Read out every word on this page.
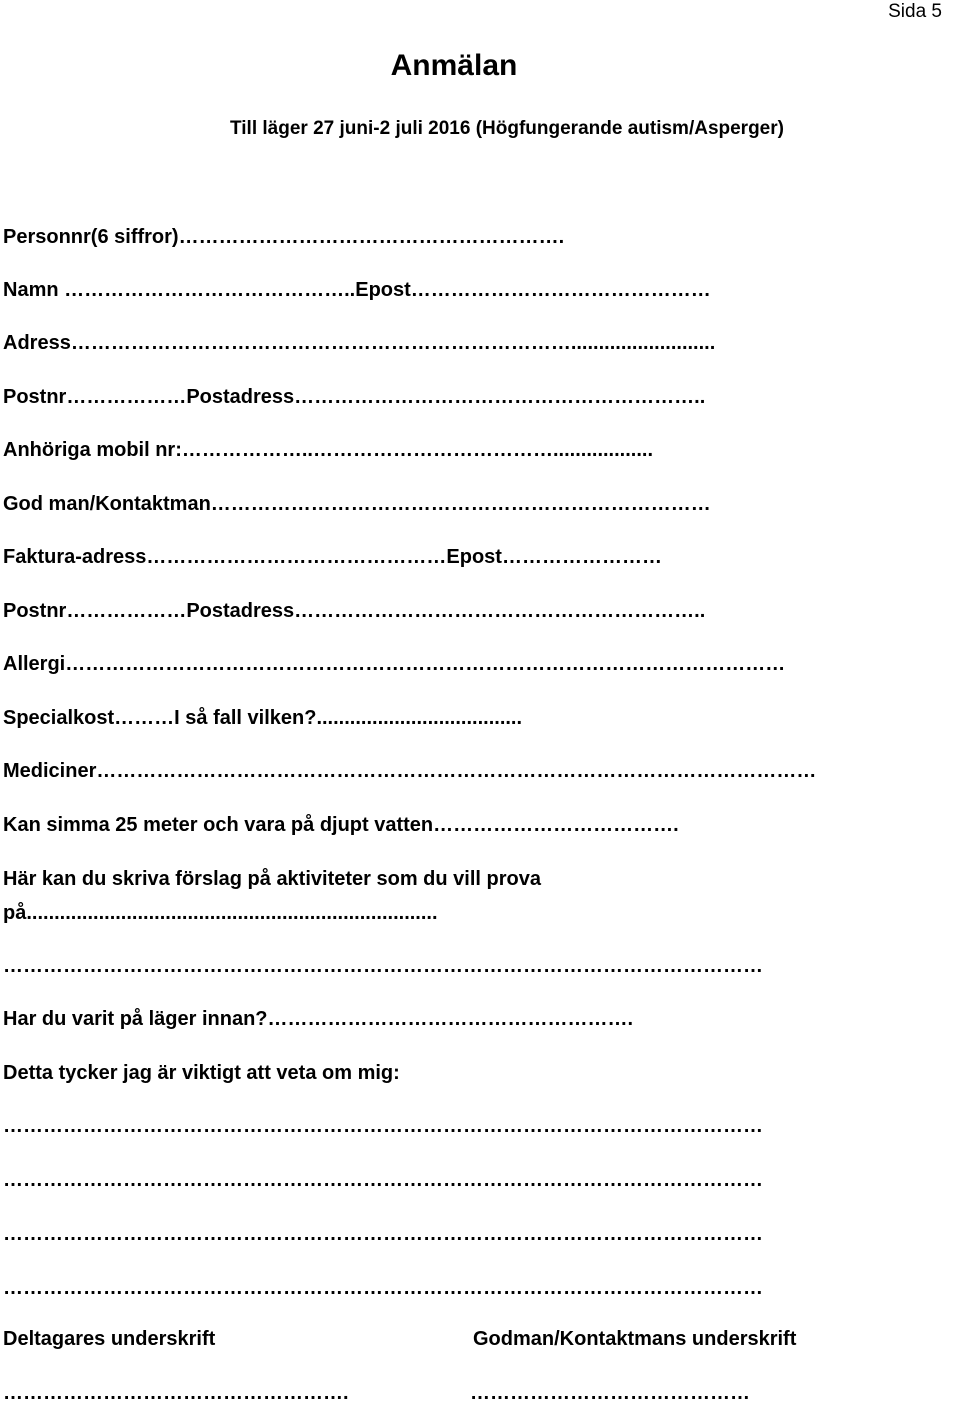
Sida 5
Anmälan
Till läger 27 juni-2 juli 2016 (Högfungerande autism/Asperger)
Personnr(6 siffror)………………………………………………….
Namn ……………………………………..Epost………………………………………
Adress…………………………………………………………………..........................
Postnr………………Postadress……………………………………………………..
Anhöriga mobil nr:………………..………………………………..................
God man/Kontaktman…………………………………………………………………
Faktura-adress………………………………………Epost……………………
Postnr………………Postadress……………………………………………………..
Allergi………………………………………………………………………………………………
Specialkost………I så fall vilken?.....................................
Mediciner………………………………………………………………………………………………
Kan simma 25 meter och vara på djupt vatten……………………………….
Här kan du skriva förslag på aktiviteter som du vill prova
på..........................................................................
……………………………………………………………………………………………………
Har du varit på läger innan?……………………………………………….
Detta tycker jag är viktigt att veta om mig:
……………………………………………………………………………………………………
……………………………………………………………………………………………………
……………………………………………………………………………………………………
……………………………………………………………………………………………………
Deltagares underskrift	Godman/Kontaktmans underskrift
…………………………………………….	……………………………………
